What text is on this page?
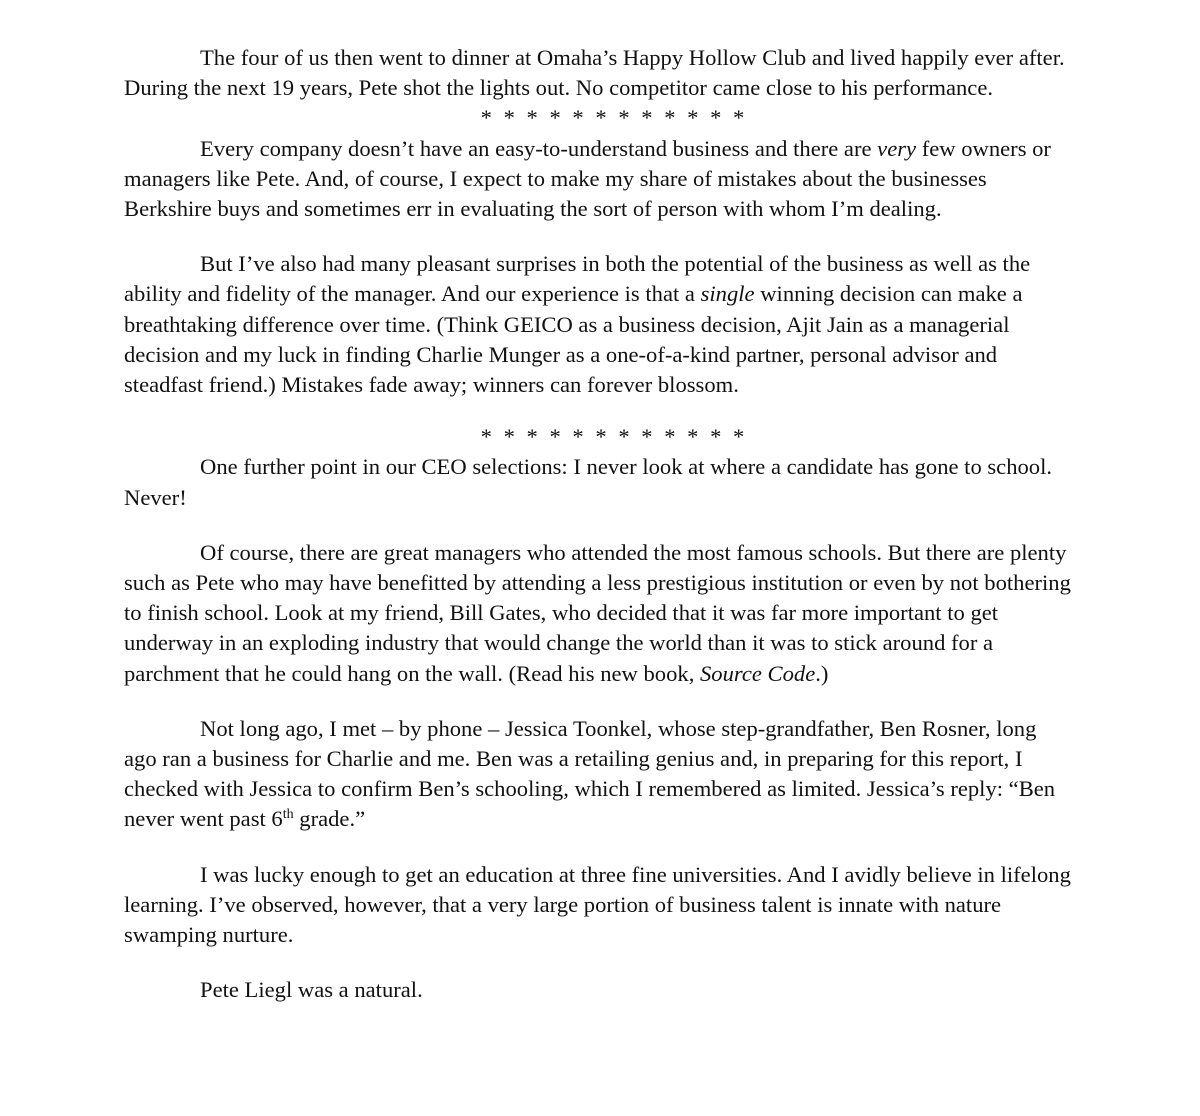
The four of us then went to dinner at Omaha’s Happy Hollow Club and lived happily ever after. During the next 19 years, Pete shot the lights out. No competitor came close to his performance.

* * * * * * * * * * * *

Every company doesn’t have an easy-to-understand business and there are very few owners or managers like Pete. And, of course, I expect to make my share of mistakes about the businesses Berkshire buys and sometimes err in evaluating the sort of person with whom I’m dealing.

But I’ve also had many pleasant surprises in both the potential of the business as well as the ability and fidelity of the manager. And our experience is that a single winning decision can make a breathtaking difference over time. (Think GEICO as a business decision, Ajit Jain as a managerial decision and my luck in finding Charlie Munger as a one-of-a-kind partner, personal advisor and steadfast friend.) Mistakes fade away; winners can forever blossom.

* * * * * * * * * * * *

One further point in our CEO selections: I never look at where a candidate has gone to school. Never!

Of course, there are great managers who attended the most famous schools. But there are plenty such as Pete who may have benefitted by attending a less prestigious institution or even by not bothering to finish school. Look at my friend, Bill Gates, who decided that it was far more important to get underway in an exploding industry that would change the world than it was to stick around for a parchment that he could hang on the wall. (Read his new book, Source Code.)

Not long ago, I met – by phone – Jessica Toonkel, whose step-grandfather, Ben Rosner, long ago ran a business for Charlie and me. Ben was a retailing genius and, in preparing for this report, I checked with Jessica to confirm Ben’s schooling, which I remembered as limited. Jessica’s reply: “Ben never went past 6th grade.”

I was lucky enough to get an education at three fine universities. And I avidly believe in lifelong learning. I’ve observed, however, that a very large portion of business talent is innate with nature swamping nurture.

Pete Liegl was a natural.
